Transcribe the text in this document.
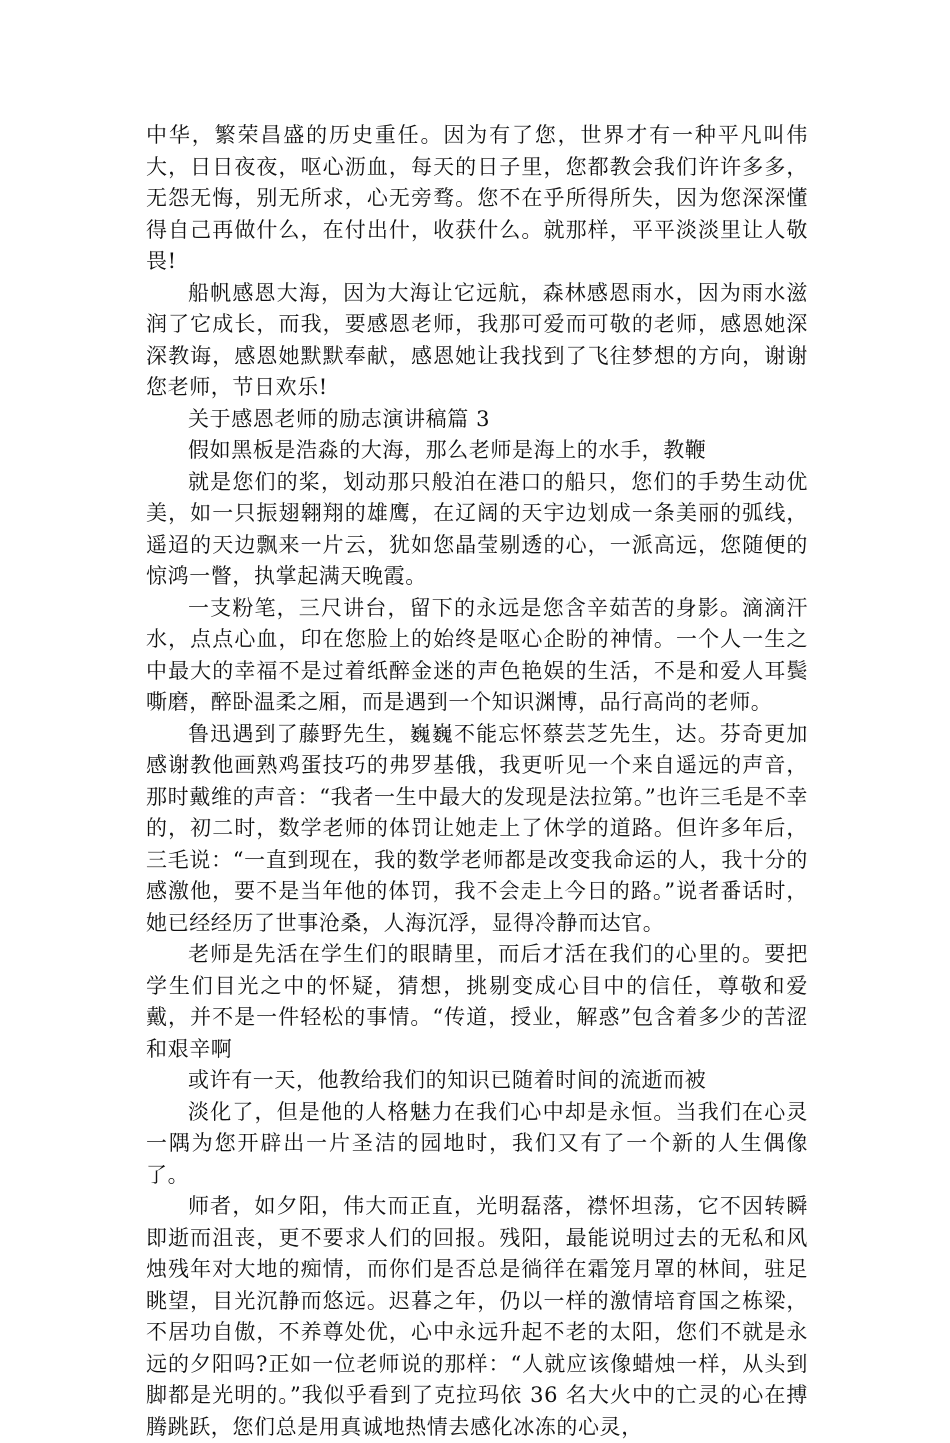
中华，繁荣昌盛的历史重任。因为有了您，世界才有一种平凡叫伟大，日日夜夜，呕心沥血，每天的日子里，您都教会我们许许多多，无怨无悔，别无所求，心无旁骛。您不在乎所得所失，因为您深深懂得自己再做什么，在付出什，收获什么。就那样，平平淡淡里让人敬畏!

船帆感恩大海，因为大海让它远航，森林感恩雨水，因为雨水滋润了它成长，而我，要感恩老师，我那可爱而可敬的老师，感恩她深深教诲，感恩她默默奉献，感恩她让我找到了飞往梦想的方向，谢谢您老师，节日欢乐!

关于感恩老师的励志演讲稿篇 3

假如黑板是浩淼的大海，那么老师是海上的水手，教鞭

就是您们的桨，划动那只般泊在港口的船只，您们的手势生动优美，如一只振翅翱翔的雄鹰，在辽阔的天宇边划成一条美丽的弧线，遥迢的天边飘来一片云，犹如您晶莹剔透的心，一派高远，您随便的惊鸿一瞥，执掌起满天晚霞。

一支粉笔，三尺讲台，留下的永远是您含辛茹苦的身影。滴滴汗水，点点心血，印在您脸上的始终是呕心企盼的神情。一个人一生之中最大的幸福不是过着纸醉金迷的声色艳娱的生活，不是和爱人耳鬓嘶磨，醉卧温柔之厢，而是遇到一个知识渊博，品行高尚的老师。

鲁迅遇到了藤野先生，巍巍不能忘怀蔡芸芝先生，达。芬奇更加感谢教他画熟鸡蛋技巧的弗罗基俄，我更听见一个来自遥远的声音，那时戴维的声音：“我者一生中最大的发现是法拉第。”也许三毛是不幸的，初二时，数学老师的体罚让她走上了休学的道路。但许多年后，三毛说：“一直到现在，我的数学老师都是改变我命运的人，我十分的感激他，要不是当年他的体罚，我不会走上今日的路。”说者番话时，她已经经历了世事沧桑，人海沉浮，显得冷静而达官。

老师是先活在学生们的眼睛里，而后才活在我们的心里的。要把学生们目光之中的怀疑，猜想，挑剔变成心目中的信任，尊敬和爱戴，并不是一件轻松的事情。“传道，授业，解惑”包含着多少的苦涩和艰辛啊

或许有一天，他教给我们的知识已随着时间的流逝而被

淡化了，但是他的人格魅力在我们心中却是永恒。当我们在心灵一隅为您开辟出一片圣洁的园地时，我们又有了一个新的人生偶像了。

师者，如夕阳，伟大而正直，光明磊落，襟怀坦荡，它不因转瞬即逝而沮丧，更不要求人们的回报。残阳，最能说明过去的无私和风烛残年对大地的痴情，而你们是否总是徜徉在霜笼月罩的林间，驻足眺望，目光沉静而悠远。迟暮之年，仍以一样的激情培育国之栋梁，不居功自傲，不养尊处优，心中永远升起不老的太阳，您们不就是永远的夕阳吗?正如一位老师说的那样：“人就应该像蜡烛一样，从头到脚都是光明的。”我似乎看到了克拉玛依 36 名大火中的亡灵的心在搏腾跳跃，您们总是用真诚地热情去感化冰冻的心灵，
